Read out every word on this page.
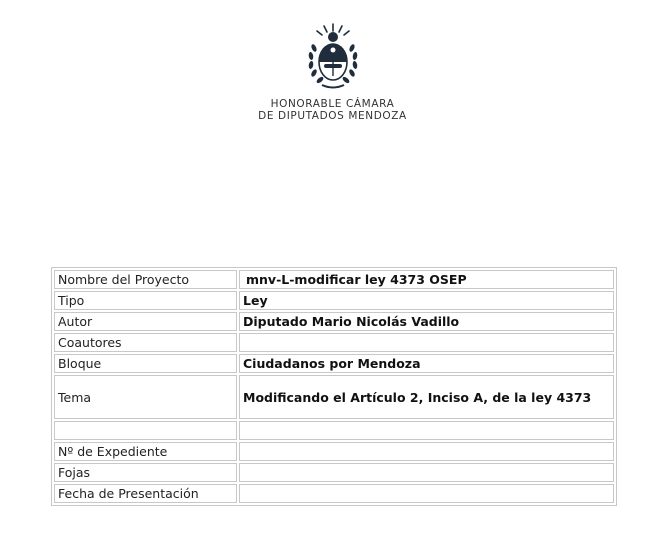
HONORABLE CÁMARA
DE DIPUTADOS MENDOZA
Nombre del Proyecto	mnv-L-modificar ley 4373 OSEP
Tipo	Ley
Autor	Diputado Mario Nicolás Vadillo
Coautores	
Bloque	Ciudadanos por Mendoza
Tema	Modificando el Artículo 2, Inciso A, de la ley 4373

Nº de Expediente	
Fojas	
Fecha de Presentación	
